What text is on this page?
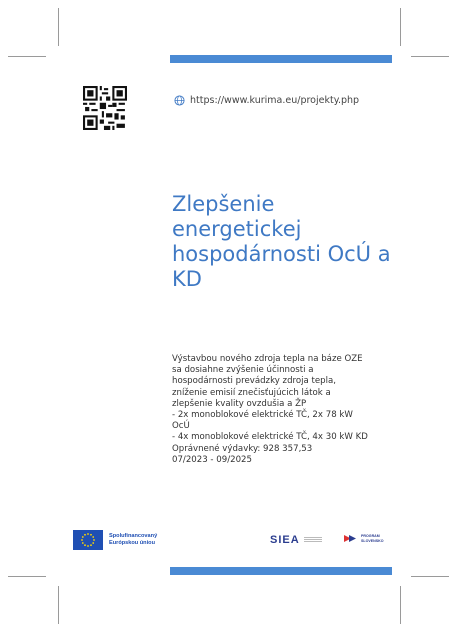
https://www.kurima.eu/projekty.php
Zlepšenie
energetickej
hospodárnosti OcÚ a
KD
Výstavbou nového zdroja tepla na báze OZE
sa dosiahne zvýšenie účinnosti a
hospodárnosti prevádzky zdroja tepla,
zníženie emisií znečisťujúcich látok a
zlepšenie kvality ovzdušia a ŽP
- 2x monoblokové elektrické TČ, 2x 78 kW
OcÚ
- 4x monoblokové elektrické TČ, 4x 30 kW KD
Oprávnené výdavky: 928 357,53
07/2023 - 09/2025
Spolufinancovaný
Európskou úniou	SIEA	PROGRAM
SLOVENSKO
